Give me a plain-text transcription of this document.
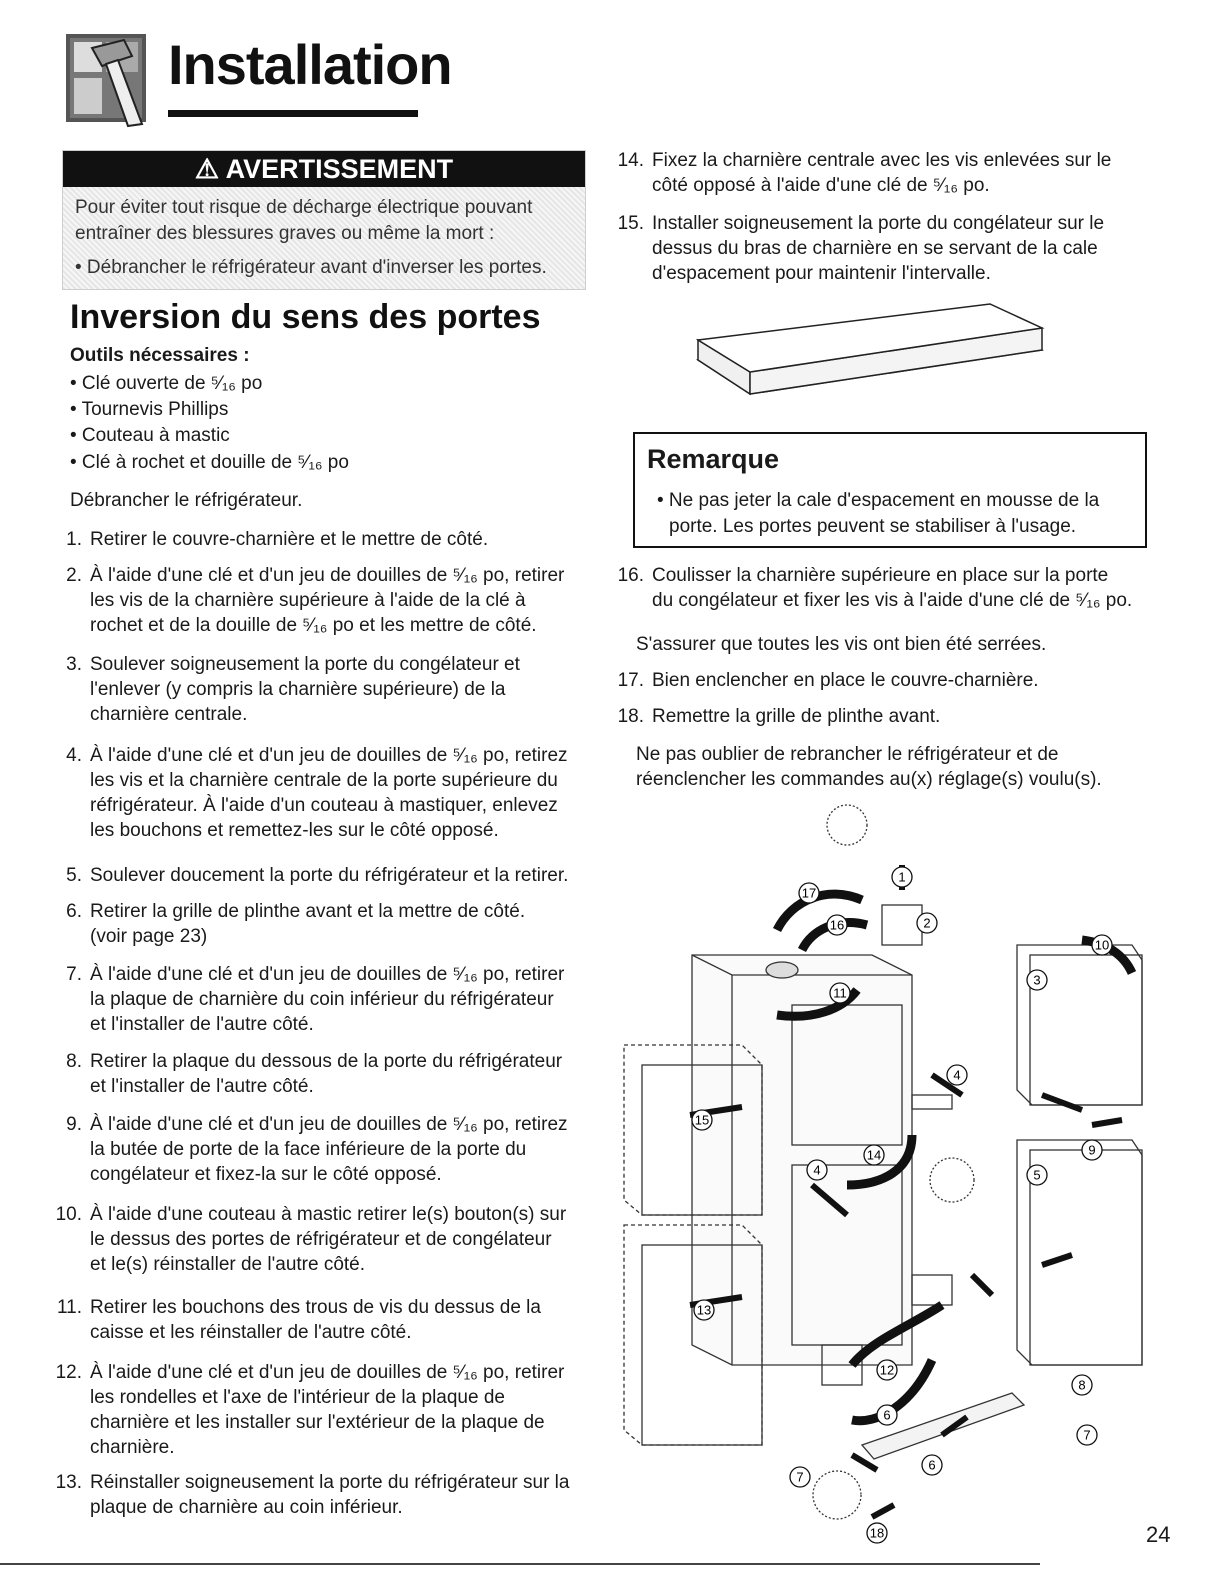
Installation
⚠ AVERTISSEMENT
Pour éviter tout risque de décharge électrique pouvant
entraîner des blessures graves ou même la mort :
• Débrancher le réfrigérateur avant d'inverser les portes.
Inversion du sens des portes
Outils nécessaires :
• Clé ouverte de ⁵⁄₁₆ po
• Tournevis Phillips
• Couteau à mastic
• Clé à rochet et douille de ⁵⁄₁₆ po
Débrancher le réfrigérateur.
1. Retirer le couvre-charnière et le mettre de côté.
2. À l'aide d'une clé et d'un jeu de douilles de ⁵⁄₁₆ po, retirer
les vis de la charnière supérieure à l'aide de la clé à
rochet et de la douille de ⁵⁄₁₆ po et les mettre de côté.
3. Soulever soigneusement la porte du congélateur et
l'enlever (y compris la charnière supérieure) de la
charnière centrale.
4. À l'aide d'une clé et d'un jeu de douilles de ⁵⁄₁₆ po, retirez
les vis et la charnière centrale de la porte supérieure du
réfrigérateur. À l'aide d'un couteau à mastiquer, enlevez
les bouchons et remettez-les sur le côté opposé.
5. Soulever doucement la porte du réfrigérateur et la retirer.
6. Retirer la grille de plinthe avant et la mettre de côté.
(voir page 23)
7. À l'aide d'une clé et d'un jeu de douilles de ⁵⁄₁₆ po, retirer
la plaque de charnière du coin inférieur du réfrigérateur
et l'installer de l'autre côté.
8. Retirer la plaque du dessous de la porte du réfrigérateur
et l'installer de l'autre côté.
9. À l'aide d'une clé et d'un jeu de douilles de ⁵⁄₁₆ po, retirez
la butée de porte de la face inférieure de la porte du
congélateur et fixez-la sur le côté opposé.
10. À l'aide d'une couteau à mastic retirer le(s) bouton(s) sur
le dessus des portes de réfrigérateur et de congélateur
et le(s) réinstaller de l'autre côté.
11. Retirer les bouchons des trous de vis du dessus de la
caisse et les réinstaller de l'autre côté.
12. À l'aide d'une clé et d'un jeu de douilles de ⁵⁄₁₆ po, retirer
les rondelles et l'axe de l'intérieur de la plaque de
charnière et les installer sur l'extérieur de la plaque de
charnière.
13. Réinstaller soigneusement la porte du réfrigérateur sur la
plaque de charnière au coin inférieur.
14. Fixez la charnière centrale avec les vis enlevées sur le
côté opposé à l'aide d'une clé de ⁵⁄₁₆ po.
15. Installer soigneusement la porte du congélateur sur le
dessus du bras de charnière en se servant de la cale
d'espacement pour maintenir l'intervalle.
16. Coulisser la charnière supérieure en place sur la porte
du congélateur et fixer les vis à l'aide d'une clé de ⁵⁄₁₆ po.
17. Bien enclencher en place le couvre-charnière.
18. Remettre la grille de plinthe avant.
Remarque
• Ne pas jeter la cale d'espacement en mousse de la
porte. Les portes peuvent se stabiliser à l'usage.
S'assurer que toutes les vis ont bien été serrées.
Ne pas oublier de rebrancher le réfrigérateur et de
réenclencher les commandes au(x) réglage(s) voulu(s).
1
2
3
4
4	5
6
6
7
7
8
9
10
11
12
13
14
15
16
17
18	24
